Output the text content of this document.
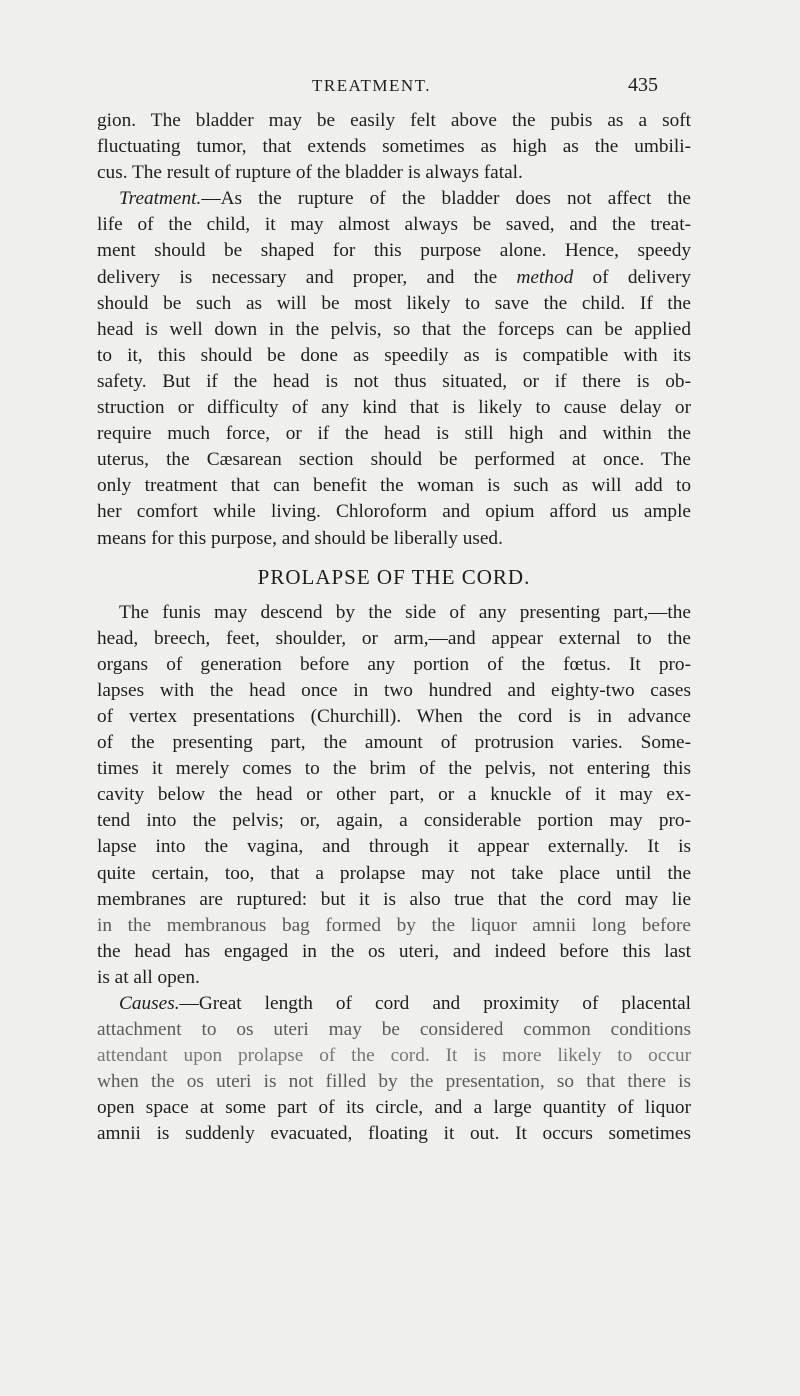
TREATMENT.	435
gion. The bladder may be easily felt above the pubis as a soft
fluctuating tumor, that extends sometimes as high as the umbili-
cus. The result of rupture of the bladder is always fatal.
Treatment.—As the rupture of the bladder does not affect the
life of the child, it may almost always be saved, and the treat-
ment should be shaped for this purpose alone. Hence, speedy
delivery is necessary and proper, and the method of delivery
should be such as will be most likely to save the child. If the
head is well down in the pelvis, so that the forceps can be applied
to it, this should be done as speedily as is compatible with its
safety. But if the head is not thus situated, or if there is ob-
struction or difficulty of any kind that is likely to cause delay or
require much force, or if the head is still high and within the
uterus, the Cæsarean section should be performed at once. The
only treatment that can benefit the woman is such as will add to
her comfort while living. Chloroform and opium afford us ample
means for this purpose, and should be liberally used.
PROLAPSE OF THE CORD.
The funis may descend by the side of any presenting part,—the
head, breech, feet, shoulder, or arm,—and appear external to the
organs of generation before any portion of the fœtus. It pro-
lapses with the head once in two hundred and eighty-two cases
of vertex presentations (Churchill). When the cord is in advance
of the presenting part, the amount of protrusion varies. Some-
times it merely comes to the brim of the pelvis, not entering this
cavity below the head or other part, or a knuckle of it may ex-
tend into the pelvis; or, again, a considerable portion may pro-
lapse into the vagina, and through it appear externally. It is
quite certain, too, that a prolapse may not take place until the
membranes are ruptured: but it is also true that the cord may lie
in the membranous bag formed by the liquor amnii long before
the head has engaged in the os uteri, and indeed before this last
is at all open.
Causes.—Great length of cord and proximity of placental
attachment to os uteri may be considered common conditions
attendant upon prolapse of the cord. It is more likely to occur
when the os uteri is not filled by the presentation, so that there is
open space at some part of its circle, and a large quantity of liquor
amnii is suddenly evacuated, floating it out. It occurs sometimes
